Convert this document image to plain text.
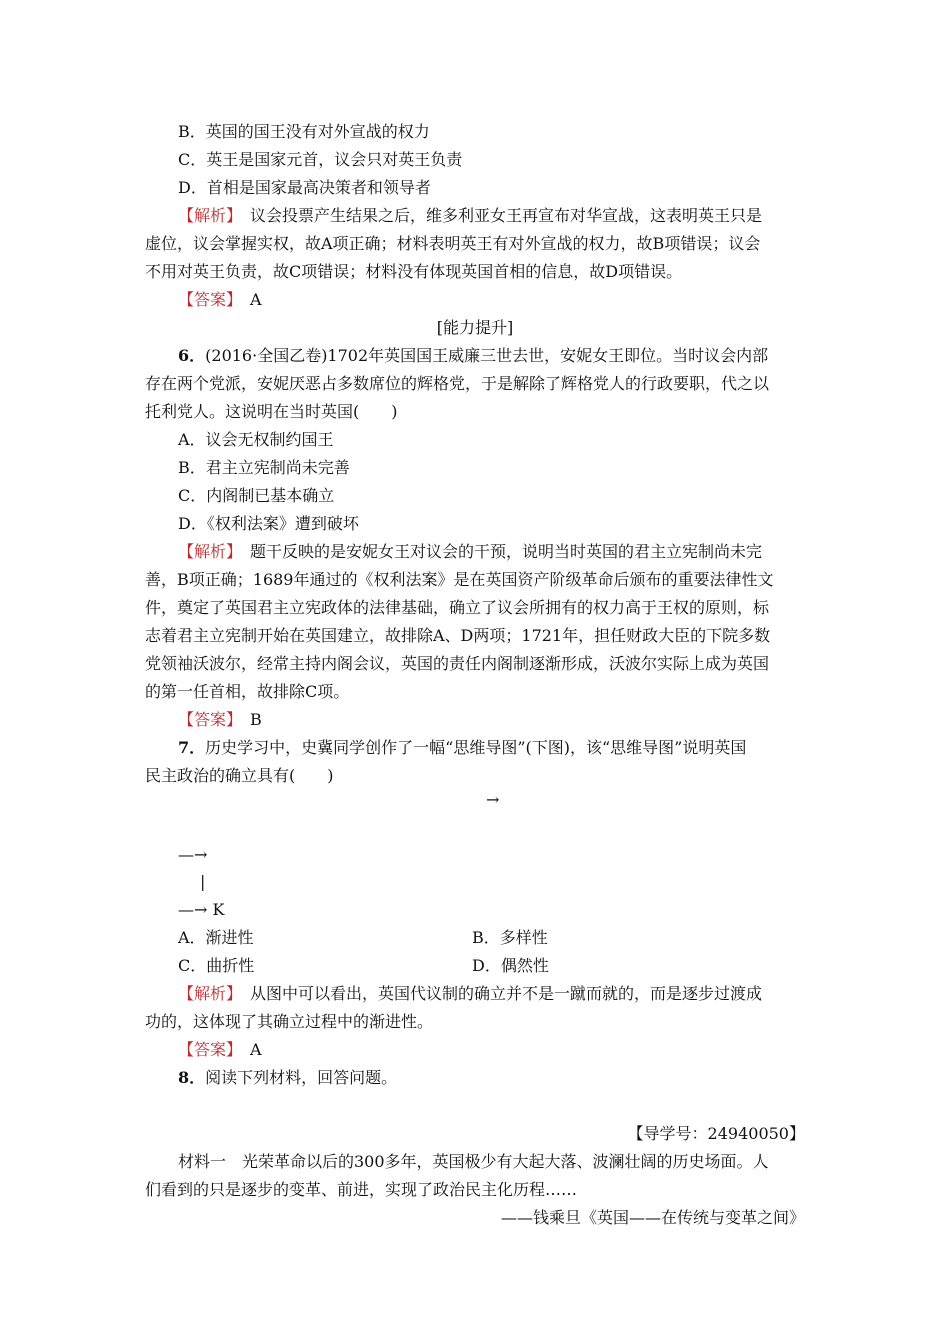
B．英国的国王没有对外宣战的权力
C．英王是国家元首，议会只对英王负责
D．首相是国家最高决策者和领导者
【解析】　 议会投票产生结果之后，维多利亚女王再宣布对华宣战，这表明英王只是
虚位，议会掌握实权，故A项正确；材料表明英王有对外宣战的权力，故B项错误；议会
不用对英王负责，故C项错误；材料没有体现英国首相的信息，故D项错误。
【答案】　 A
[能力提升]
6．(2016·全国乙卷)1702年英国国王威廉三世去世，安妮女王即位。当时议会内部
存在两个党派，安妮厌恶占多数席位的辉格党，于是解除了辉格党人的行政要职，代之以
托利党人。这说明在当时英国(　　)
A．议会无权制约国王
B．君主立宪制尚未完善
C．内阁制已基本确立
D．《权利法案》遭到破坏
【解析】　 题干反映的是安妮女王对议会的干预，说明当时英国的君主立宪制尚未完
善，B项正确；1689年通过的《权利法案》是在英国资产阶级革命后颁布的重要法律性文
件，奠定了英国君主立宪政体的法律基础，确立了议会所拥有的权力高于王权的原则，标
志着君主立宪制开始在英国建立，故排除A、D两项；1721年，担任财政大臣的下院多数
党领袖沃波尔，经常主持内阁会议，英国的责任内阁制逐渐形成，沃波尔实际上成为英国
的第一任首相，故排除C项。
【答案】　 B
7．历史学习中，史冀同学创作了一幅“思维导图”(下图)，该“思维导图”说明英国
民主政治的确立具有(　　)
→
—→
|
—→ K
A．渐进性	B．多样性
C．曲折性	D．偶然性
【解析】　 从图中可以看出，英国代议制的确立并不是一蹴而就的，而是逐步过渡成
功的，这体现了其确立过程中的渐进性。
【答案】　 A
8．阅读下列材料，回答问题。
【导学号：24940050】
材料一　光荣革命以后的300多年，英国极少有大起大落、波澜壮阔的历史场面。人
们看到的只是逐步的变革、前进，实现了政治民主化历程……
——钱乘旦《英国——在传统与变革之间》
